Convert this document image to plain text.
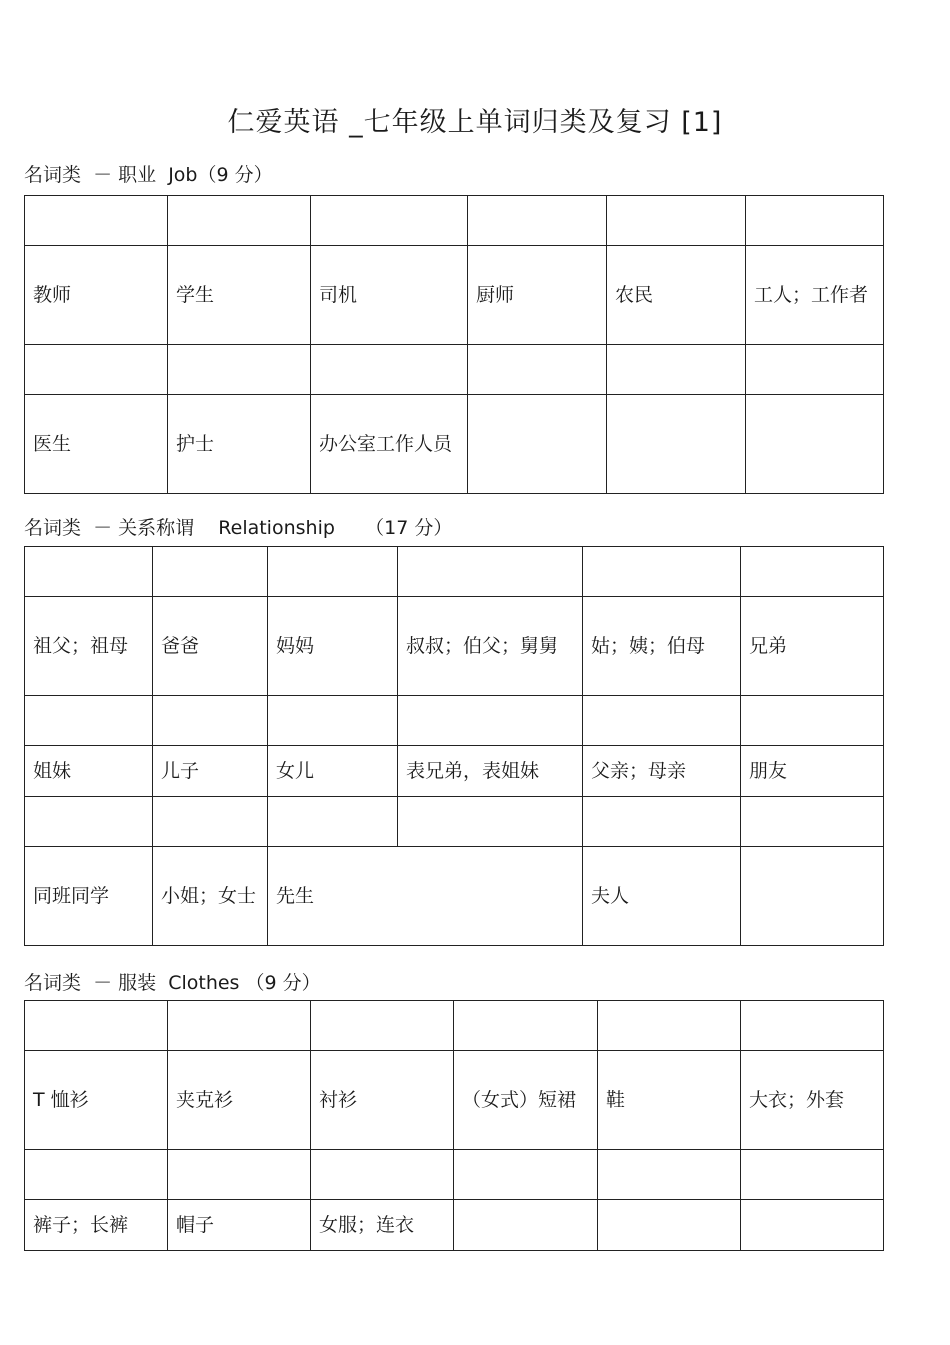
仁爱英语 _七年级上单词归类及复习 [1]
名词类  － 职业  Job（9 分）

教师	学生	司机	厨师	农民	工人；工作者

医生	护士	办公室工作人员			
名词类  － 关系称谓    Relationship     （17 分）

祖父；祖母	爸爸	妈妈	叔叔；伯父；舅舅	姑；姨；伯母	兄弟

姐妹	儿子	女儿	表兄弟，表姐妹	父亲；母亲	朋友

同班同学	小姐；女士	先生		夫人	
名词类  － 服装  Clothes （9 分）

T 恤衫	夹克衫	衬衫	（女式）短裙	鞋	大衣；外套

裤子；长裤	帽子	女服；连衣			
